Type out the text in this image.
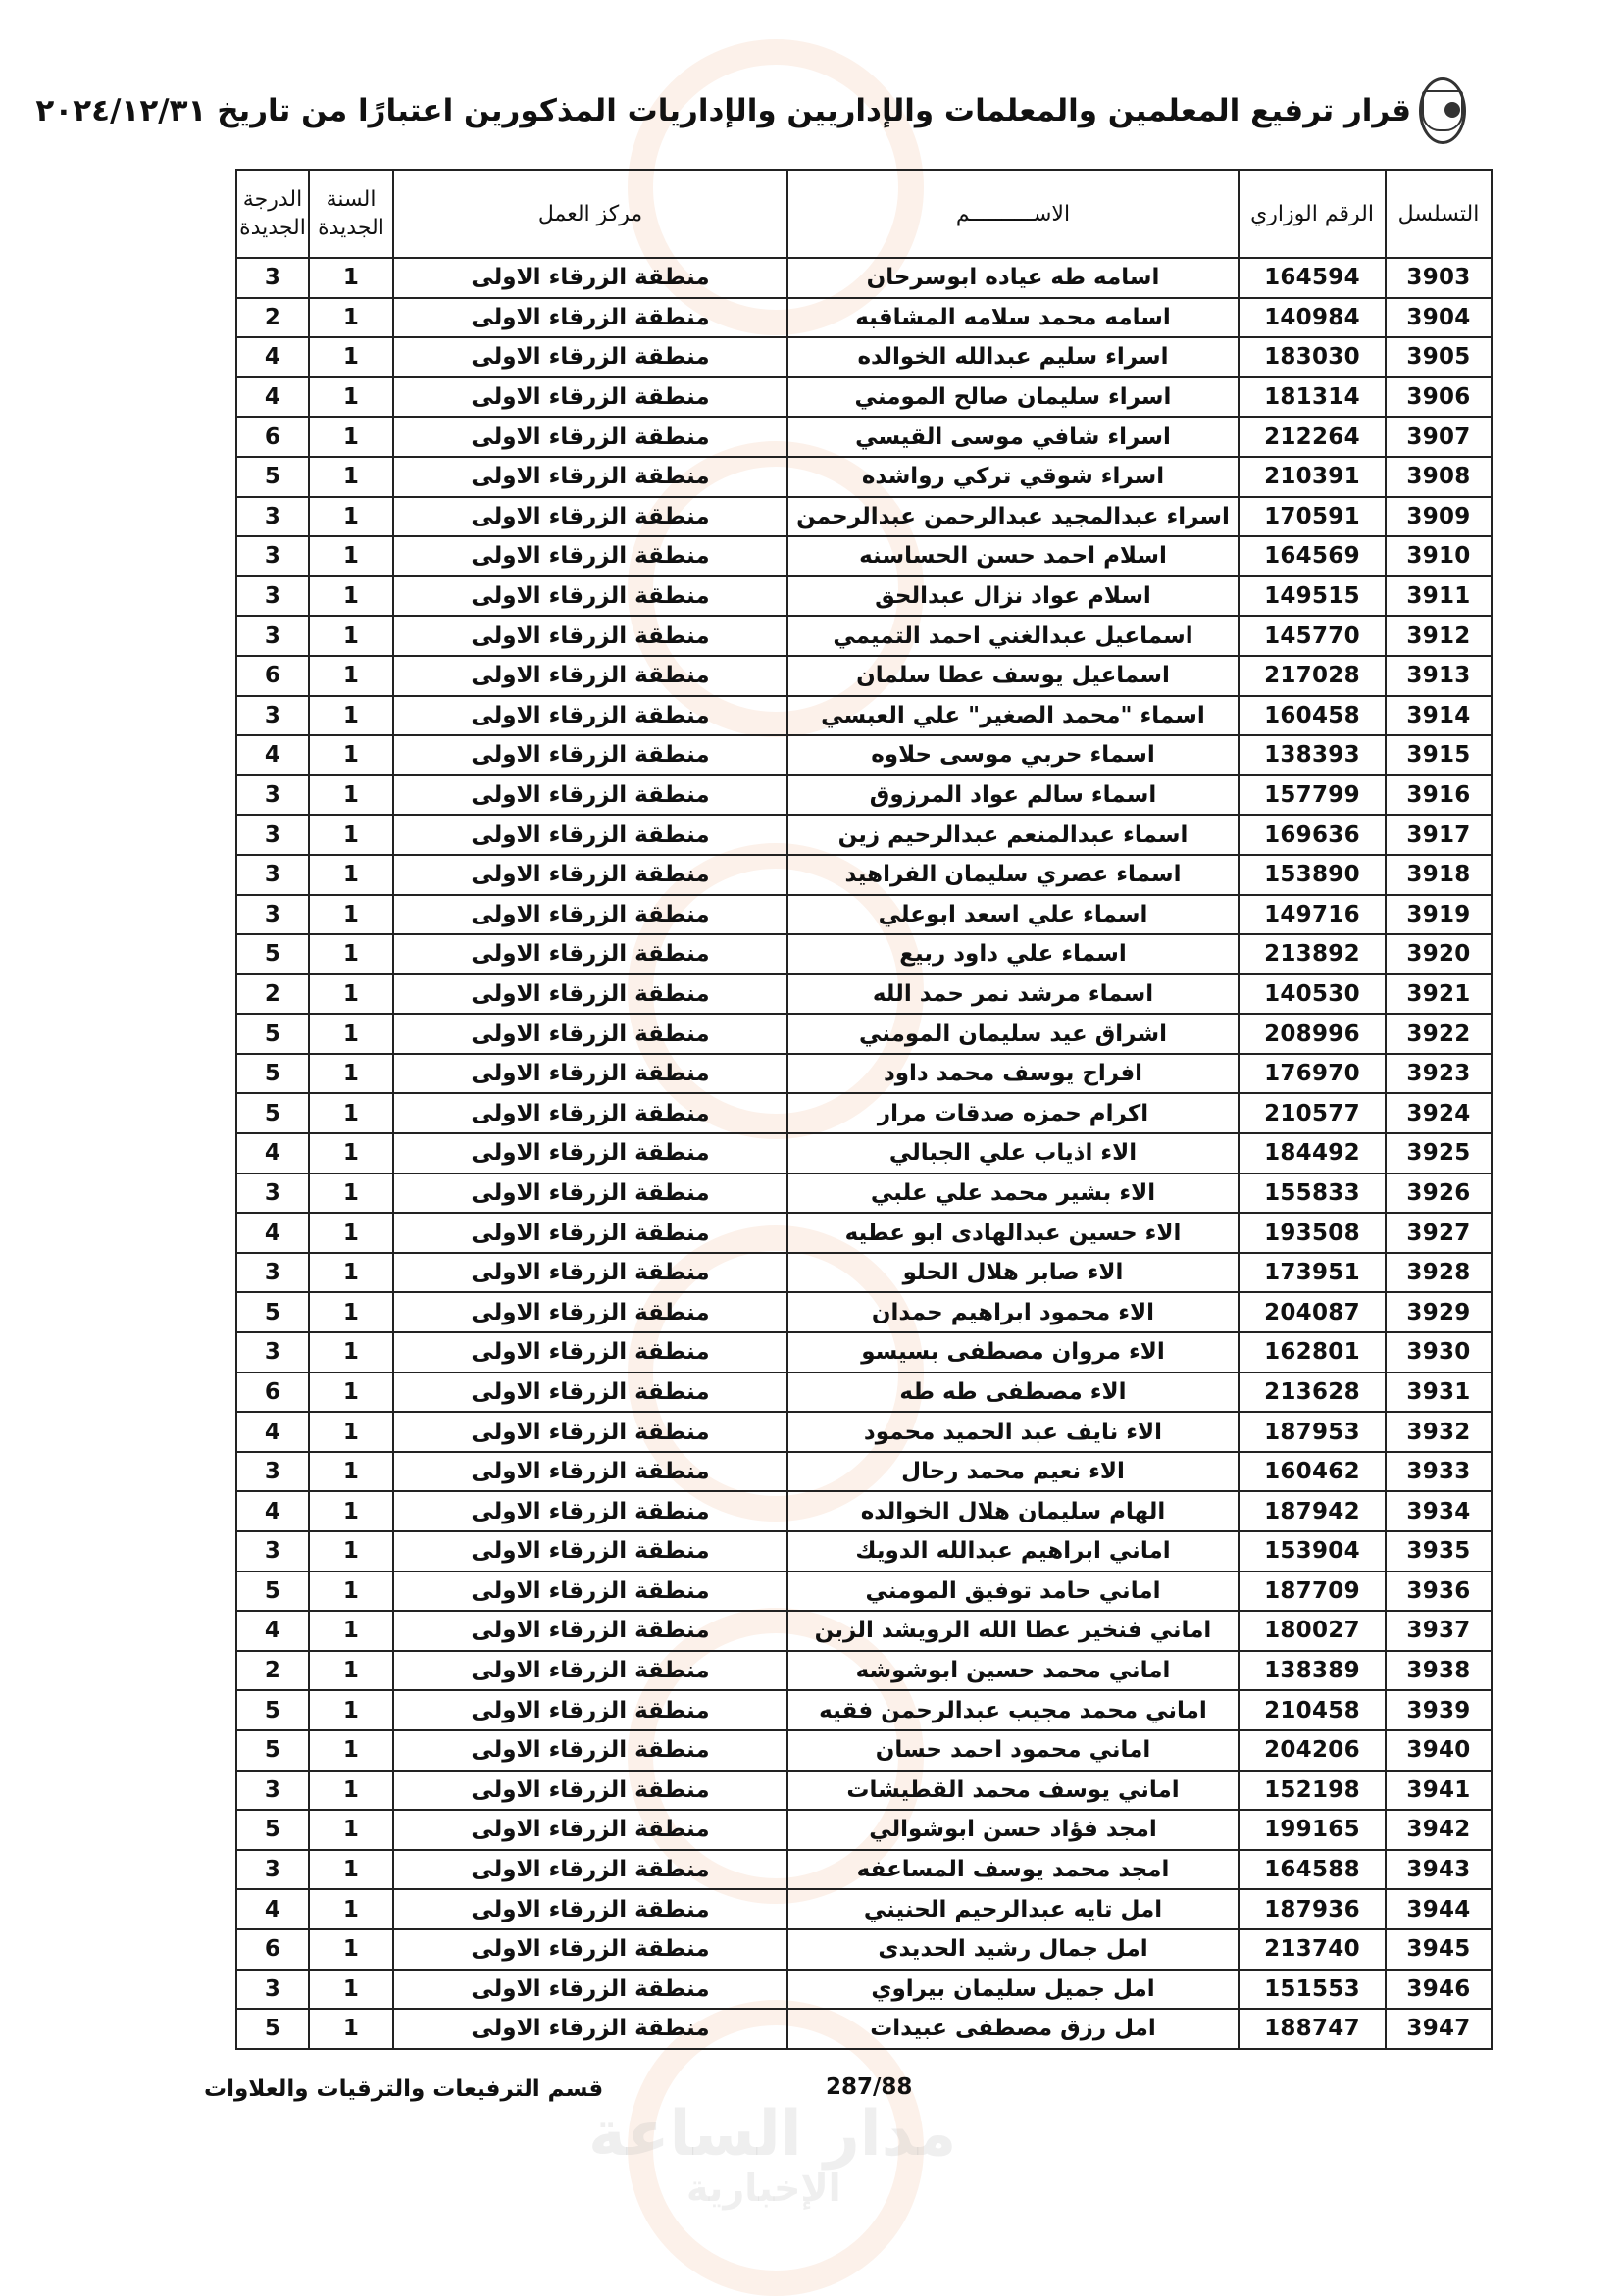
مدار الساعة
الإخبارية
قرار ترفيع المعلمين والمعلمات والإداريين والإداريات المذكورين اعتبارًا من تاريخ ٢٠٢٤/١٢/٣١
التسلسل	الرقم الوزاري	الاســــــــــم	مركز العمل	السنة الجديدة	الدرجة الجديدة
3903	164594	اسامه طه عياده ابوسرحان	منطقة الزرقاء الاولى	1	3
3904	140984	اسامه محمد سلامه المشاقبه	منطقة الزرقاء الاولى	1	2
3905	183030	اسراء سليم عبدالله الخوالده	منطقة الزرقاء الاولى	1	4
3906	181314	اسراء سليمان صالح المومني	منطقة الزرقاء الاولى	1	4
3907	212264	اسراء شافي موسى القيسي	منطقة الزرقاء الاولى	1	6
3908	210391	اسراء شوقي تركي رواشده	منطقة الزرقاء الاولى	1	5
3909	170591	اسراء عبدالمجيد عبدالرحمن عبدالرحمن	منطقة الزرقاء الاولى	1	3
3910	164569	اسلام احمد حسن الحساسنه	منطقة الزرقاء الاولى	1	3
3911	149515	اسلام عواد نزال عبدالحق	منطقة الزرقاء الاولى	1	3
3912	145770	اسماعيل عبدالغني احمد التميمي	منطقة الزرقاء الاولى	1	3
3913	217028	اسماعيل يوسف عطا سلمان	منطقة الزرقاء الاولى	1	6
3914	160458	اسماء "محمد الصغير" علي العبسي	منطقة الزرقاء الاولى	1	3
3915	138393	اسماء حربي موسى حلاوه	منطقة الزرقاء الاولى	1	4
3916	157799	اسماء سالم عواد المرزوق	منطقة الزرقاء الاولى	1	3
3917	169636	اسماء عبدالمنعم عبدالرحيم زين	منطقة الزرقاء الاولى	1	3
3918	153890	اسماء عصري سليمان الفراهيد	منطقة الزرقاء الاولى	1	3
3919	149716	اسماء علي اسعد ابوعلي	منطقة الزرقاء الاولى	1	3
3920	213892	اسماء علي داود ربيع	منطقة الزرقاء الاولى	1	5
3921	140530	اسماء مرشد نمر حمد الله	منطقة الزرقاء الاولى	1	2
3922	208996	اشراق عيد سليمان المومني	منطقة الزرقاء الاولى	1	5
3923	176970	افراح يوسف محمد داود	منطقة الزرقاء الاولى	1	5
3924	210577	اكرام حمزه صدقات مرار	منطقة الزرقاء الاولى	1	5
3925	184492	الاء اذياب علي الجبالي	منطقة الزرقاء الاولى	1	4
3926	155833	الاء بشير محمد علي علبي	منطقة الزرقاء الاولى	1	3
3927	193508	الاء حسين عبدالهادى ابو عطيه	منطقة الزرقاء الاولى	1	4
3928	173951	الاء صابر هلال الحلو	منطقة الزرقاء الاولى	1	3
3929	204087	الاء محمود ابراهيم حمدان	منطقة الزرقاء الاولى	1	5
3930	162801	الاء مروان مصطفى بسيسو	منطقة الزرقاء الاولى	1	3
3931	213628	الاء مصطفى طه طه	منطقة الزرقاء الاولى	1	6
3932	187953	الاء نايف عبد الحميد محمود	منطقة الزرقاء الاولى	1	4
3933	160462	الاء نعيم محمد رحال	منطقة الزرقاء الاولى	1	3
3934	187942	الهام سليمان هلال الخوالده	منطقة الزرقاء الاولى	1	4
3935	153904	اماني ابراهيم عبدالله الدويك	منطقة الزرقاء الاولى	1	3
3936	187709	اماني حامد توفيق المومني	منطقة الزرقاء الاولى	1	5
3937	180027	اماني فنخير عطا الله الرويشد الزبن	منطقة الزرقاء الاولى	1	4
3938	138389	اماني محمد حسين ابوشوشه	منطقة الزرقاء الاولى	1	2
3939	210458	اماني محمد مجيب عبدالرحمن فقيه	منطقة الزرقاء الاولى	1	5
3940	204206	اماني محمود احمد حسان	منطقة الزرقاء الاولى	1	5
3941	152198	اماني يوسف محمد القطيشات	منطقة الزرقاء الاولى	1	3
3942	199165	امجد فؤاد حسن ابوشوالي	منطقة الزرقاء الاولى	1	5
3943	164588	امجد محمد يوسف المساعفه	منطقة الزرقاء الاولى	1	3
3944	187936	امل تايه عبدالرحيم الحنيني	منطقة الزرقاء الاولى	1	4
3945	213740	امل جمال رشيد الحديدى	منطقة الزرقاء الاولى	1	6
3946	151553	امل جميل سليمان بيراوي	منطقة الزرقاء الاولى	1	3
3947	188747	امل رزق مصطفى عبيدات	منطقة الزرقاء الاولى	1	5
287/88
قسم الترفيعات والترقيات والعلاوات
